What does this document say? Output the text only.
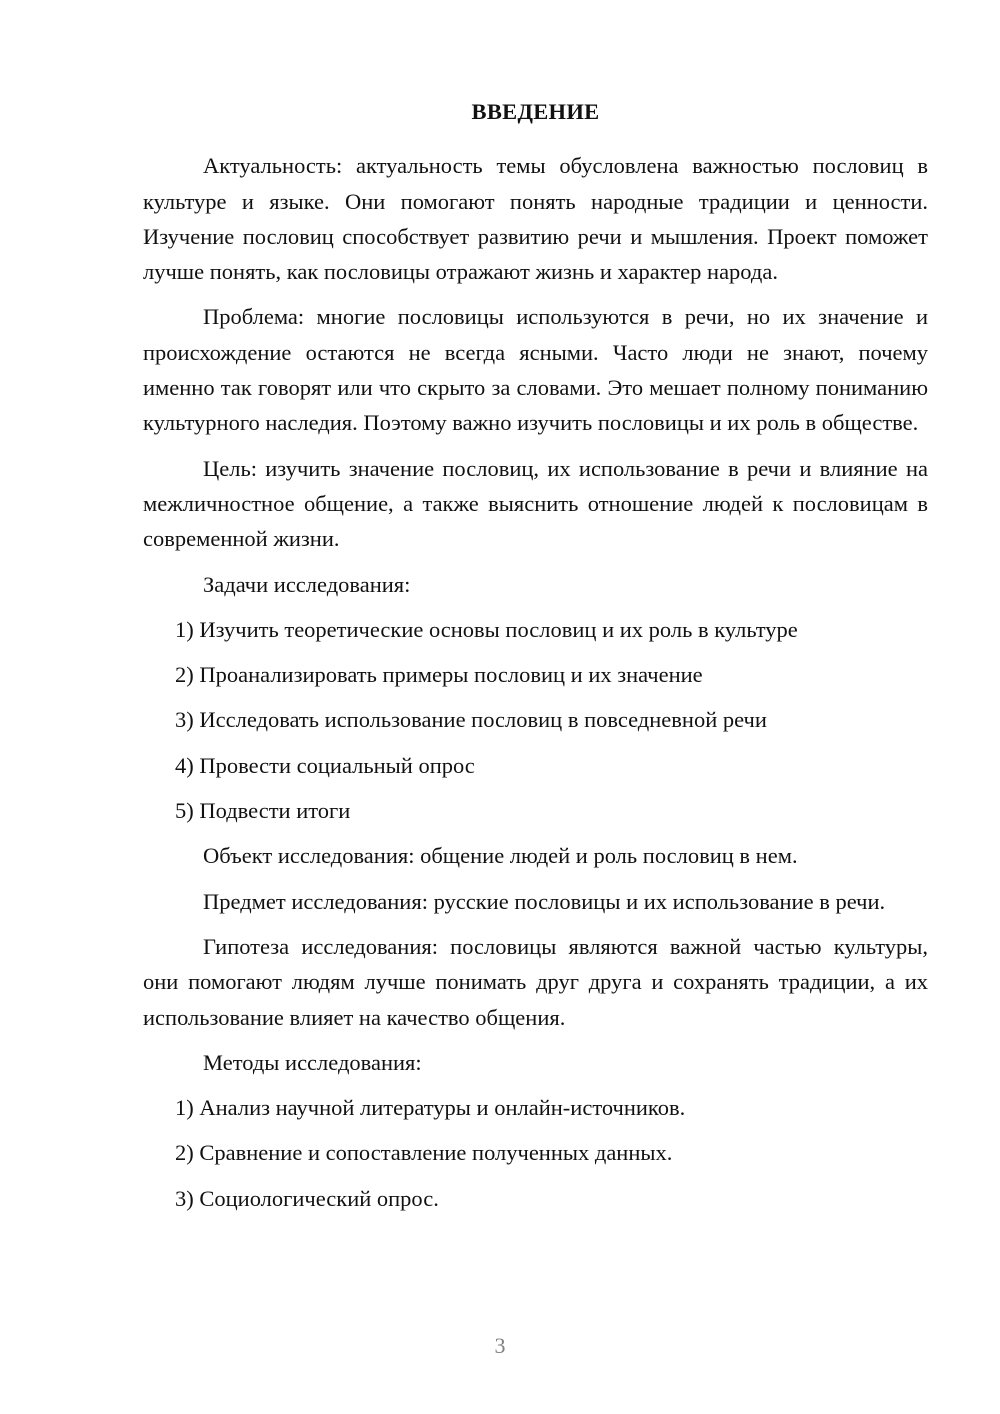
ВВЕДЕНИЕ

Актуальность: актуальность темы обусловлена важностью пословиц в культуре и языке. Они помогают понять народные традиции и ценности. Изучение пословиц способствует развитию речи и мышления. Проект поможет лучше понять, как пословицы отражают жизнь и характер народа.

Проблема: многие пословицы используются в речи, но их значение и происхождение остаются не всегда ясными. Часто люди не знают, почему именно так говорят или что скрыто за словами. Это мешает полному пониманию культурного наследия. Поэтому важно изучить пословицы и их роль в обществе.

Цель: изучить значение пословиц, их использование в речи и влияние на межличностное общение, а также выяснить отношение людей к пословицам в современной жизни.

Задачи исследования:

1) Изучить теоретические основы пословиц и их роль в культуре

2) Проанализировать примеры пословиц и их значение

3) Исследовать использование пословиц в повседневной речи

4) Провести социальный опрос

5) Подвести итоги

Объект исследования: общение людей и роль пословиц в нем.

Предмет исследования: русские пословицы и их использование в речи.

Гипотеза исследования: пословицы являются важной частью культуры, они помогают людям лучше понимать друг друга и сохранять традиции, а их использование влияет на качество общения.

Методы исследования:

1) Анализ научной литературы и онлайн-источников.

2) Сравнение и сопоставление полученных данных.

3) Социологический опрос.

3
